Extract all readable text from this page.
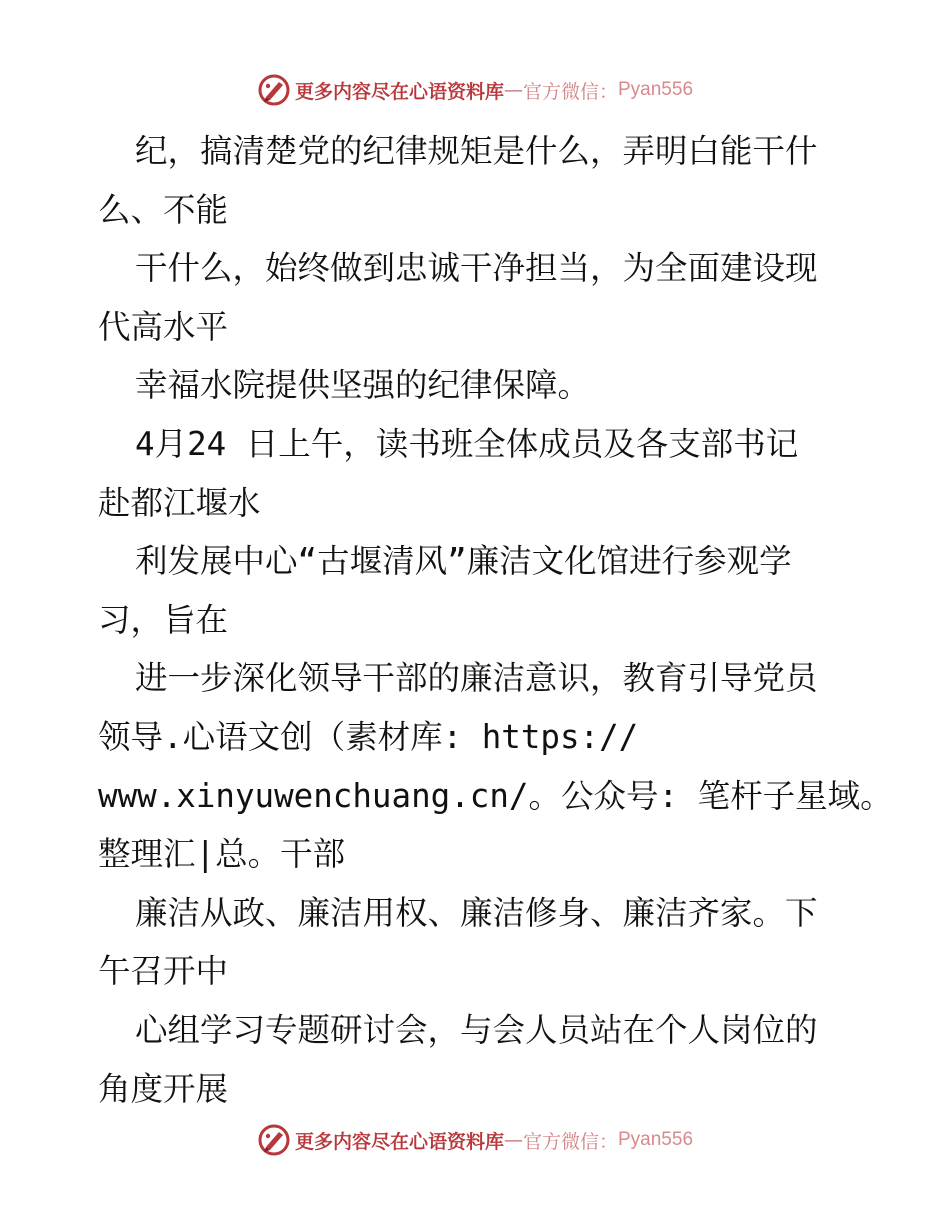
更多内容尽在心语资料库 — 官方微信： Pyan556
纪，搞清楚党的纪律规矩是什么，弄明白能干什
么、不能
干什么，始终做到忠诚干净担当，为全面建设现
代高水平
幸福水院提供坚强的纪律保障。
4月24 日上午，读书班全体成员及各支部书记
赴都江堰水
利发展中心“古堰清风”廉洁文化馆进行参观学
习，旨在
进一步深化领导干部的廉洁意识，教育引导党员
领导.心语文创（素材库: https://
www.xinyuwenchuang.cn/。公众号: 笔杆子星域。
整理汇|总。干部
廉洁从政、廉洁用权、廉洁修身、廉洁齐家。下
午召开中
心组学习专题研讨会，与会人员站在个人岗位的
角度开展
更多内容尽在心语资料库 — 官方微信： Pyan556
